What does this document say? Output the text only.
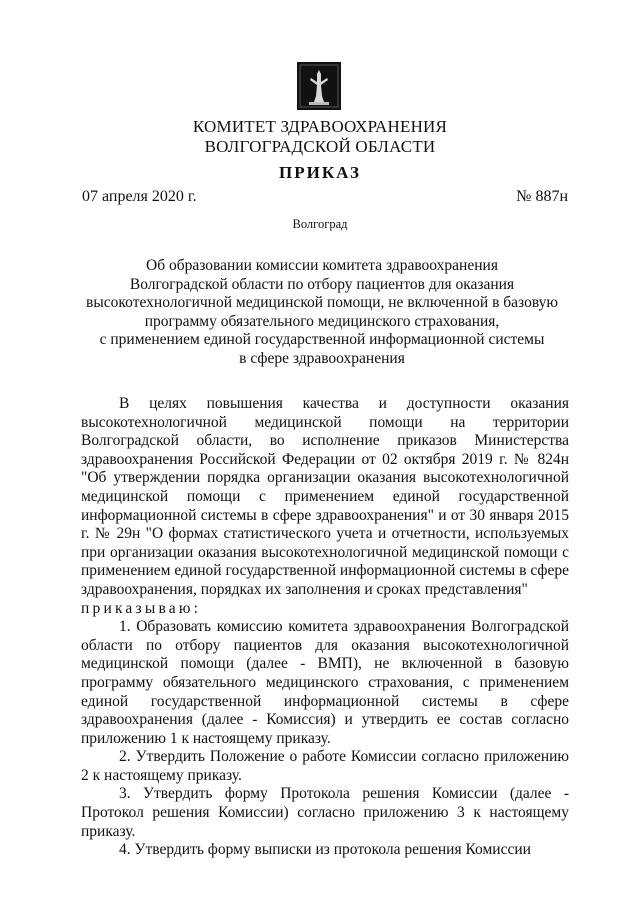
КОМИТЕТ ЗДРАВООХРАНЕНИЯ
ВОЛГОГРАДСКОЙ ОБЛАСТИ
ПРИКАЗ
07 апреля 2020 г.	№ 887н
Волгоград
Об образовании комиссии комитета здравоохранения
Волгоградской области по отбору пациентов для оказания
высокотехнологичной медицинской помощи, не включенной в базовую
программу обязательного медицинского страхования,
с применением единой государственной информационной системы
в сфере здравоохранения

В целях повышения качества и доступности оказания высокотехнологичной медицинской помощи на территории Волгоградской области, во исполнение приказов Министерства здравоохранения Российской Федерации от 02 октября 2019 г. № 824н "Об утверждении порядка организации оказания высокотехнологичной медицинской помощи с применением единой государственной информационной системы в сфере здравоохранения" и от 30 января 2015 г. № 29н "О формах статистического учета и отчетности, используемых при организации оказания высокотехнологичной медицинской помощи с применением единой государственной информационной системы в сфере здравоохранения, порядках их заполнения и сроках представления"

приказываю:

1. Образовать комиссию комитета здравоохранения Волгоградской области по отбору пациентов для оказания высокотехнологичной медицинской помощи (далее - ВМП), не включенной в базовую программу обязательного медицинского страхования, с применением единой государственной информационной системы в сфере здравоохранения (далее - Комиссия) и утвердить ее состав согласно приложению 1 к настоящему приказу.

2. Утвердить Положение о работе Комиссии согласно приложению 2 к настоящему приказу.

3. Утвердить форму Протокола решения Комиссии (далее - Протокол решения Комиссии) согласно приложению 3 к настоящему приказу.

4. Утвердить форму выписки из протокола решения Комиссии
